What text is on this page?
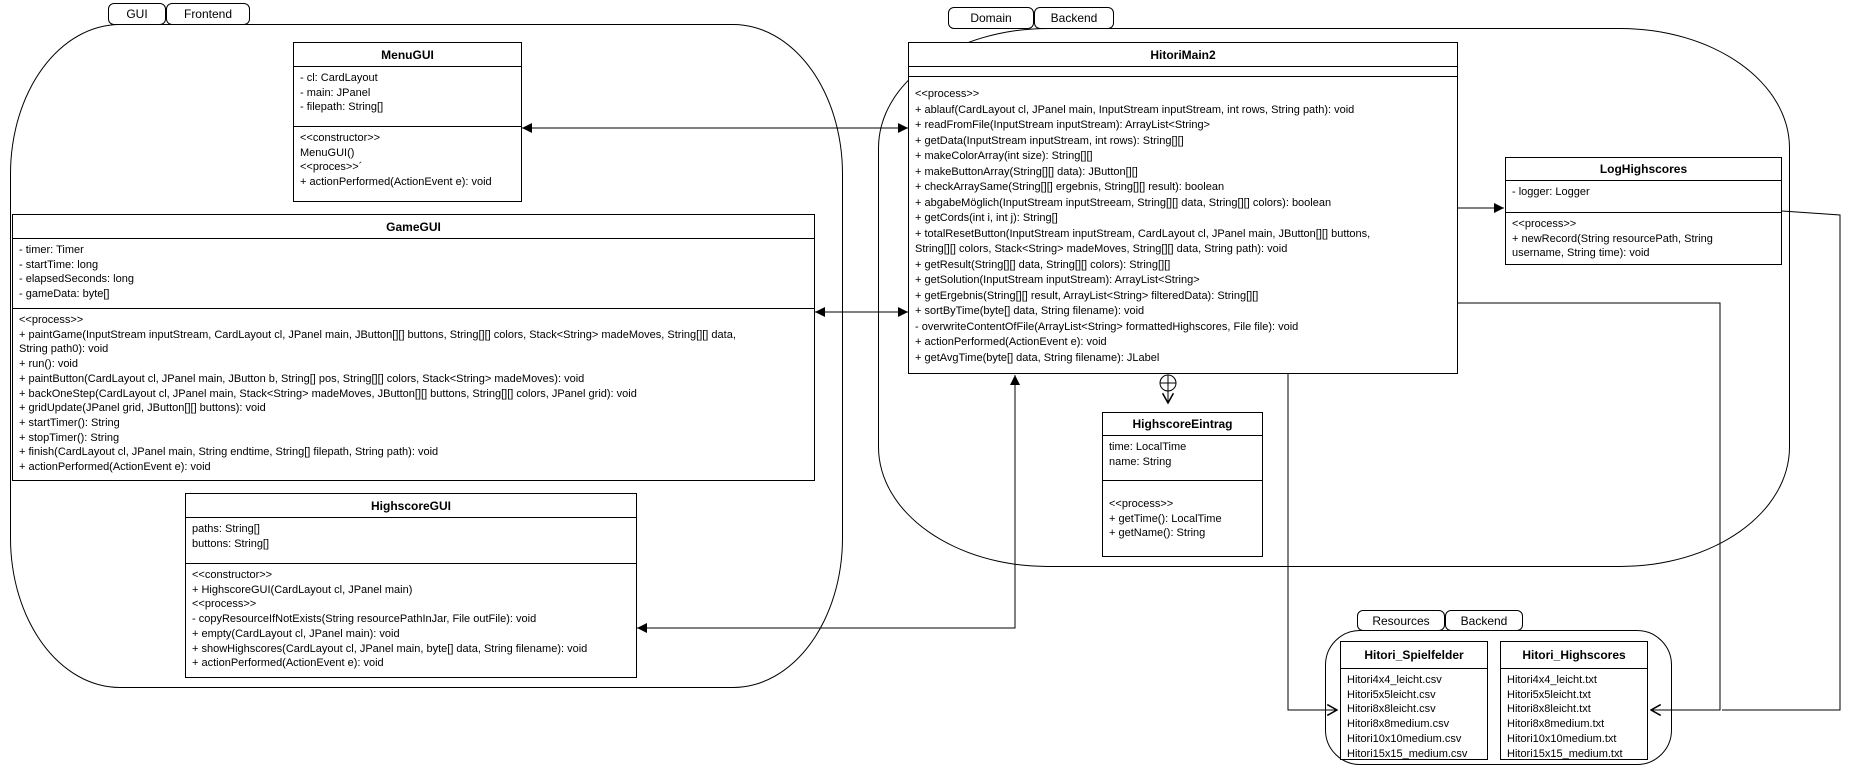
GUI	Frontend	Domain	Backend
Resources	Backend
MenuGUI
- cl: CardLayout
- main: JPanel
- filepath: String[]
<<constructor>>
MenuGUI()
<<proces>>´
+ actionPerformed(ActionEvent e): void
GameGUI
- timer: Timer
- startTime: long
- elapsedSeconds: long
- gameData: byte[]
<<process>>
+ paintGame(InputStream inputStream, CardLayout cl, JPanel main, JButton[][] buttons, String[][] colors, Stack<String> madeMoves, String[][] data,
String path0): void
+ run(): void
+ paintButton(CardLayout cl, JPanel main, JButton b, String[] pos, String[][] colors, Stack<String> madeMoves): void
+ backOneStep(CardLayout cl, JPanel main, Stack<String> madeMoves, JButton[][] buttons, String[][] colors, JPanel grid): void
+ gridUpdate(JPanel grid, JButton[][] buttons): void
+ startTimer(): String
+ stopTimer(): String
+ finish(CardLayout cl, JPanel main, String endtime, String[] filepath, String path): void
+ actionPerformed(ActionEvent e): void
HighscoreGUI
paths: String[]
buttons: String[]
<<constructor>>
+ HighscoreGUI(CardLayout cl, JPanel main)
<<process>>
- copyResourceIfNotExists(String resourcePathInJar, File outFile): void
+ empty(CardLayout cl, JPanel main): void
+ showHighscores(CardLayout cl, JPanel main, byte[] data, String filename): void
+ actionPerformed(ActionEvent e): void
HitoriMain2
<<process>>
+ ablauf(CardLayout cl, JPanel main, InputStream inputStream, int rows, String path): void
+ readFromFile(InputStream inputStream): ArrayList<String>
+ getData(InputStream inputStream, int rows): String[][]
+ makeColorArray(int size): String[][]
+ makeButtonArray(String[][] data): JButton[][]
+ checkArraySame(String[][] ergebnis, String[][] result): boolean
+ abgabeMöglich(InputStream inputStreeam, String[][] data, String[][] colors): boolean
+ getCords(int i, int j): String[]
+ totalResetButton(InputStream inputStream, CardLayout cl, JPanel main, JButton[][] buttons,
String[][] colors, Stack<String> madeMoves, String[][] data, String path): void
+ getResult(String[][] data, String[][] colors): String[][]
+ getSolution(InputStream inputStream): ArrayList<String>
+ getErgebnis(String[][] result, ArrayList<String> filteredData): String[][]
+ sortByTime(byte[] data, String filename): void
- overwriteContentOfFile(ArrayList<String> formattedHighscores, File file): void
+ actionPerformed(ActionEvent e): void
+ getAvgTime(byte[] data, String filename): JLabel
LogHighscores
- logger: Logger
<<process>>
+ newRecord(String resourcePath, String
username, String time): void
HighscoreEintrag
time: LocalTime
name: String
<<process>>
+ getTime(): LocalTime
+ getName(): String
Hitori_Spielfelder
Hitori4x4_leicht.csv
Hitori5x5leicht.csv
Hitori8x8leicht.csv
Hitori8x8medium.csv
Hitori10x10medium.csv
Hitori15x15_medium.csv
Hitori_Highscores
Hitori4x4_leicht.txt
Hitori5x5leicht.txt
Hitori8x8leicht.txt
Hitori8x8medium.txt
Hitori10x10medium.txt
Hitori15x15_medium.txt
